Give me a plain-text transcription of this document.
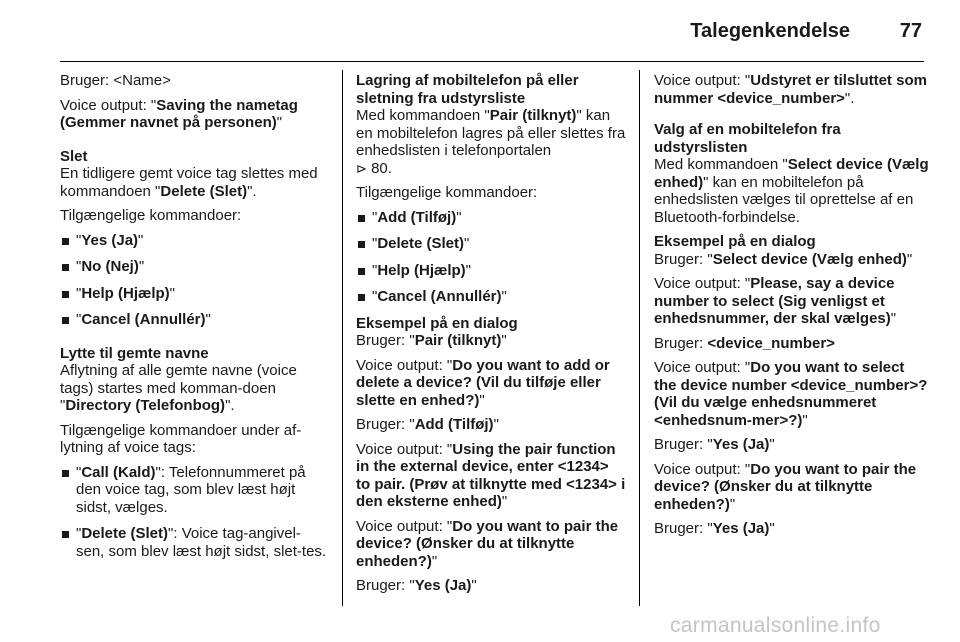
Talegenkendelse 77

Bruger: <Name>

Voice output: "Saving the nametag (Gemmer navnet på personen)"

Slet

En tidligere gemt voice tag slettes med kommandoen "Delete (Slet)".

Tilgængelige kommandoer:

"Yes (Ja)"
"No (Nej)"
"Help (Hjælp)"
"Cancel (Annullér)"

Lytte til gemte navne

Aflytning af alle gemte navne (voice tags) startes med komman-doen "Directory (Telefonbog)".

Tilgængelige kommandoer under af-lytning af voice tags:

"Call (Kald)": Telefonnummeret på den voice tag, som blev læst højt sidst, vælges.
"Delete (Slet)": Voice tag-angivel-sen, som blev læst højt sidst, slet-tes.

Lagring af mobiltelefon på eller sletning fra udstyrsliste

Med kommandoen "Pair (tilknyt)" kan en mobiltelefon lagres på eller slettes fra enhedslisten i telefonportalen
⊳ 80.

Tilgængelige kommandoer:

"Add (Tilføj)"
"Delete (Slet)"
"Help (Hjælp)"
"Cancel (Annullér)"

Eksempel på en dialog

Bruger: "Pair (tilknyt)"

Voice output: "Do you want to add or delete a device? (Vil du tilføje eller slette en enhed?)"

Bruger: "Add (Tilføj)"

Voice output: "Using the pair function in the external device, enter <1234> to pair. (Prøv at tilknytte med <1234> i den eksterne enhed)"

Voice output: "Do you want to pair the device? (Ønsker du at tilknytte enheden?)"

Bruger: "Yes (Ja)"

Voice output: "Udstyret er tilsluttet som nummer <device_number>".

Valg af en mobiltelefon fra udstyrslisten

Med kommandoen "Select device (Vælg enhed)" kan en mobiltelefon på enhedslisten vælges til oprettelse af en Bluetooth-forbindelse.

Eksempel på en dialog

Bruger: "Select device (Vælg enhed)"

Voice output: "Please, say a device number to select (Sig venligst et enhedsnummer, der skal vælges)"

Bruger: <device_number>

Voice output: "Do you want to select the device number <device_number>? (Vil du vælge enhedsnummeret <enhedsnum-mer>?)"

Bruger: "Yes (Ja)"

Voice output: "Do you want to pair the device? (Ønsker du at tilknytte enheden?)"

Bruger: "Yes (Ja)"

carmanualsonline.info
